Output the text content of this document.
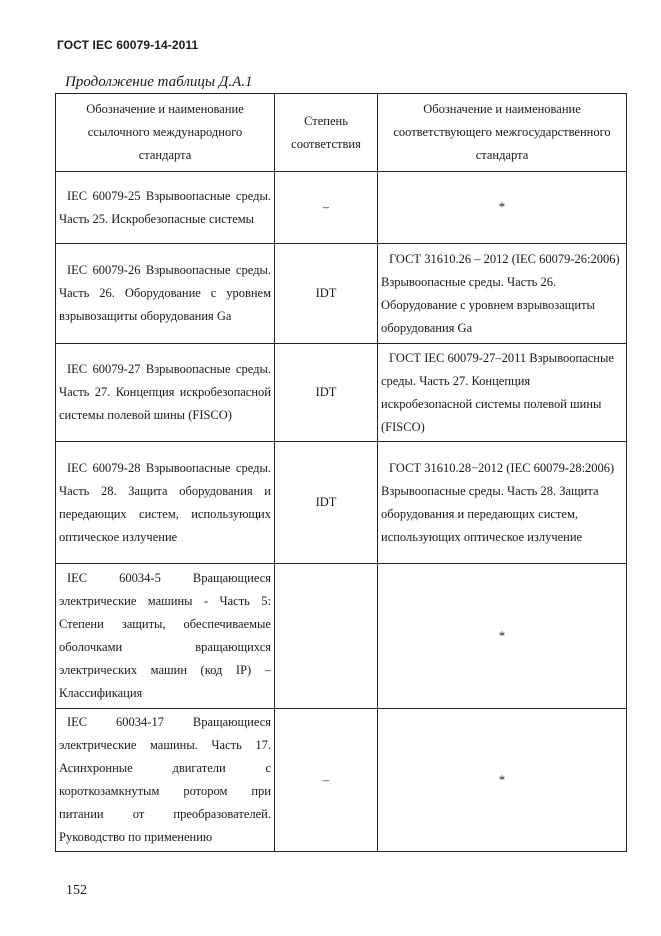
ГОСТ IEC 60079-14-2011
Продолжение таблицы Д.А.1
Обозначение и наименование ссылочного международного стандарта	Степень соответствия	Обозначение и наименование соответствующего межгосударственного стандарта
IEC 60079-25 Взрывоопасные среды. Часть 25. Искробезопасные системы	–	*
IEC 60079-26 Взрывоопасные среды. Часть 26. Оборудование с уровнем взрывозащиты оборудования Ga	IDT	ГОСТ 31610.26 – 2012 (IEC 60079-26:2006) Взрывоопасные среды. Часть 26. Оборудование с уровнем взрывозащиты оборудования Ga
IEC 60079-27 Взрывоопасные среды. Часть 27. Концепция искробезопасной системы полевой шины (FISCO)	IDT	ГОСТ IEC 60079-27–2011 Взрывоопасные среды. Часть 27. Концепция искробезопасной системы полевой шины (FISCO)
IEC 60079-28 Взрывоопасные среды. Часть 28. Защита оборудования и передающих систем, использующих оптическое излучение	IDT	ГОСТ 31610.28−2012 (IEC 60079-28:2006) Взрывоопасные среды. Часть 28. Защита оборудования и передающих систем, использующих оптическое излучение
IEC 60034-5 Вращающиеся электрические машины - Часть 5: Степени защиты, обеспечиваемые оболочками вращающихся электрических машин (код IP) – Классификация		*
IEC 60034-17 Вращающиеся электрические машины. Часть 17. Асинхронные двигатели с короткозамкнутым ротором при питании от преобразователей. Руководство по применению	–	*
152
